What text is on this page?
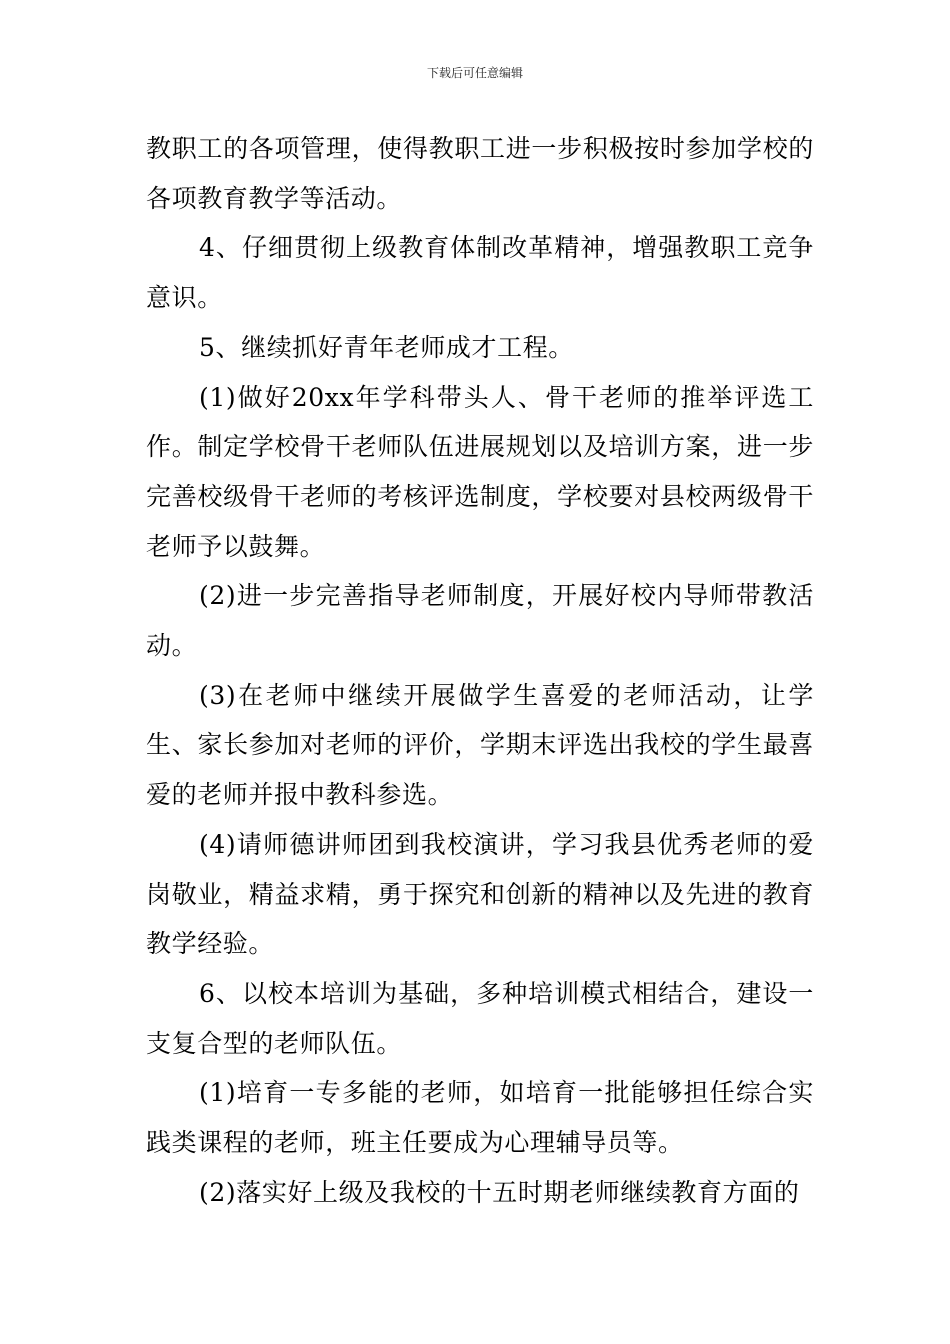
下载后可任意编辑

教职工的各项管理，使得教职工进一步积极按时参加学校的各项教育教学等活动。

4、仔细贯彻上级教育体制改革精神，增强教职工竞争意识。

5、继续抓好青年老师成才工程。

(1)做好20xx年学科带头人、骨干老师的推举评选工作。制定学校骨干老师队伍进展规划以及培训方案，进一步完善校级骨干老师的考核评选制度，学校要对县校两级骨干老师予以鼓舞。

(2)进一步完善指导老师制度，开展好校内导师带教活动。

(3)在老师中继续开展做学生喜爱的老师活动，让学生、家长参加对老师的评价，学期末评选出我校的学生最喜爱的老师并报中教科参选。

(4)请师德讲师团到我校演讲，学习我县优秀老师的爱岗敬业，精益求精，勇于探究和创新的精神以及先进的教育教学经验。

6、以校本培训为基础，多种培训模式相结合，建设一支复合型的老师队伍。

(1)培育一专多能的老师，如培育一批能够担任综合实践类课程的老师，班主任要成为心理辅导员等。

(2)落实好上级及我校的十五时期老师继续教育方面的
